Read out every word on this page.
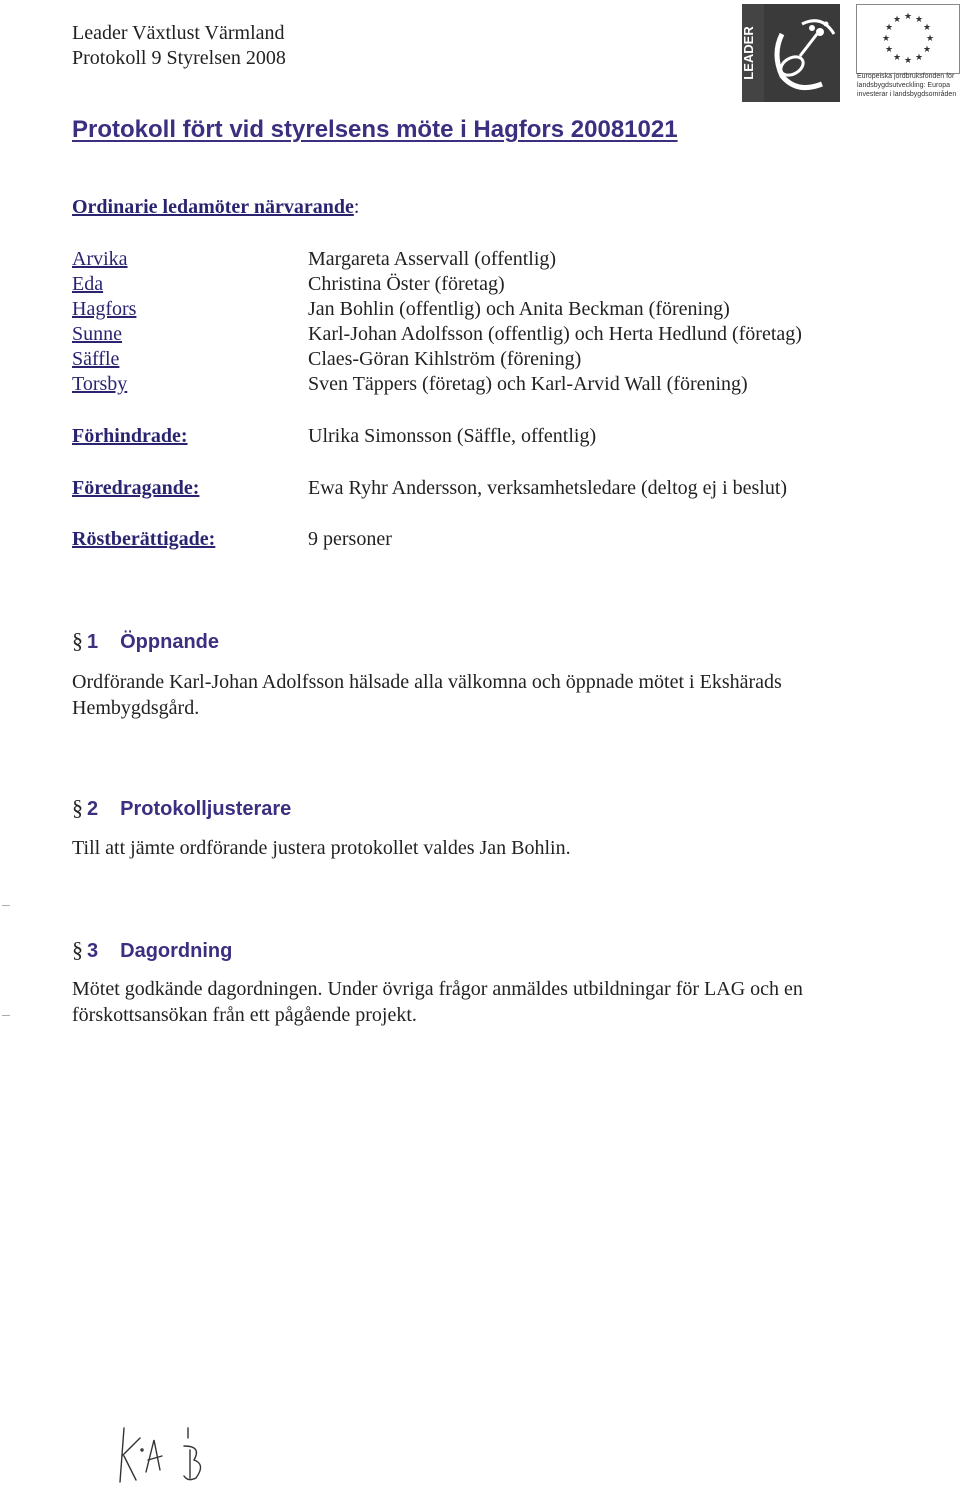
Leader Växtlust Värmland
Protokoll 9 Styrelsen 2008	LEADER
★ ★
★
★
★
★
★
★
★
★
★
★
Europeiska jordbruksfonden för landsbygdsutveckling: Europa investerar i landsbygdsområden
Protokoll fört vid styrelsens möte i Hagfors 20081021
Ordinarie ledamöter närvarande:
Arvika	Margareta Asservall (offentlig)
Eda	Christina Öster (företag)
Hagfors	Jan Bohlin (offentlig) och Anita Beckman (förening)
Sunne	Karl-Johan Adolfsson (offentlig) och Herta Hedlund (företag)
Säffle	Claes-Göran Kihlström (förening)
Torsby	Sven Täppers (företag) och Karl-Arvid Wall (förening)
Förhindrade:	Ulrika Simonsson (Säffle, offentlig)
Föredragande:	Ewa Ryhr Andersson, verksamhetsledare (deltog ej i beslut)
Röstberättigade:	9 personer
§ 1 Öppnande
Ordförande Karl-Johan Adolfsson hälsade alla välkomna och öppnade mötet i Ekshärads Hembygdsgård.
§ 2 Protokolljusterare
Till att jämte ordförande justera protokollet valdes Jan Bohlin.
§ 3 Dagordning
Mötet godkände dagordningen. Under övriga frågor anmäldes utbildningar för LAG och en förskottsansökan från ett pågående projekt.
